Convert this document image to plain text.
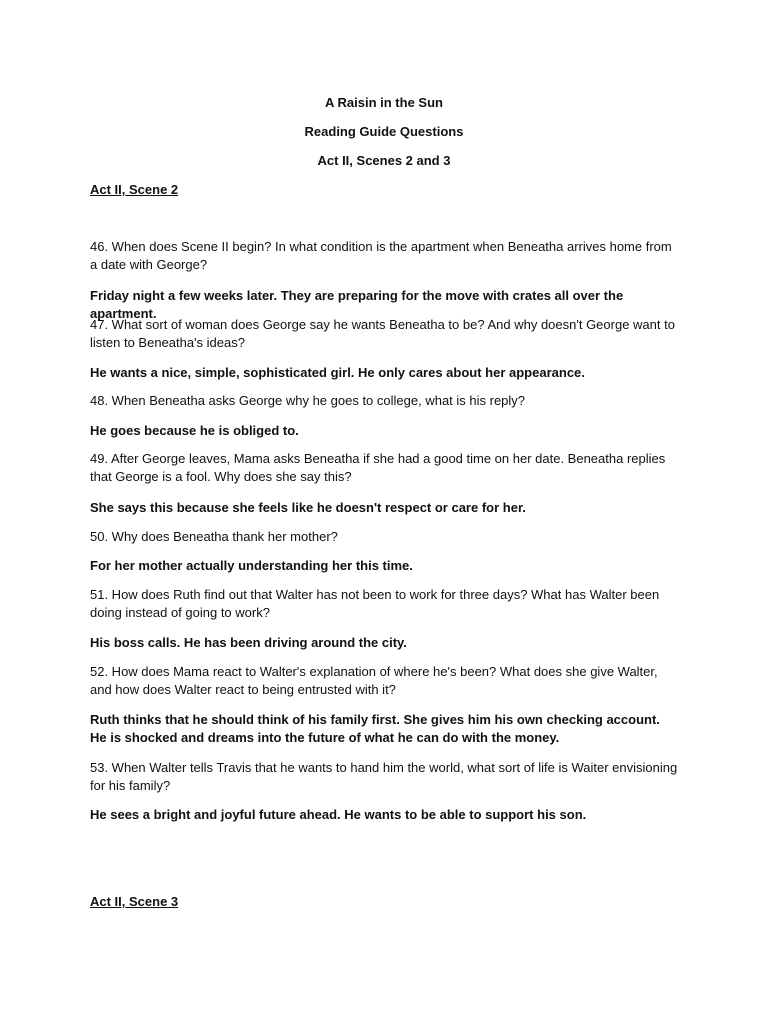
A Raisin in the Sun
Reading Guide Questions
Act II, Scenes 2 and 3
Act II, Scene 2
46. When does Scene II begin? In what condition is the apartment when Beneatha arrives home from a date with George?
Friday night a few weeks later. They are preparing for the move with crates all over the apartment.
47. What sort of woman does George say he wants Beneatha to be? And why doesn't George want to listen to Beneatha's ideas?
He wants a nice, simple, sophisticated girl. He only cares about her appearance.
48. When Beneatha asks George why he goes to college, what is his reply?
He goes because he is obliged to.
49. After George leaves, Mama asks Beneatha if she had a good time on her date. Beneatha replies that George is a fool. Why does she say this?
She says this because she feels like he doesn't respect or care for her.
50. Why does Beneatha thank her mother?
For her mother actually understanding her this time.
51. How does Ruth find out that Walter has not been to work for three days? What has Walter been doing instead of going to work?
His boss calls. He has been driving around the city.
52. How does Mama react to Walter's explanation of where he's been? What does she give Walter, and how does Walter react to being entrusted with it?
Ruth thinks that he should think of his family first. She gives him his own checking account. He is shocked and dreams into the future of what he can do with the money.
53. When Walter tells Travis that he wants to hand him the world, what sort of life is Waiter envisioning for his family?
He sees a bright and joyful future ahead. He wants to be able to support his son.
Act II, Scene 3
